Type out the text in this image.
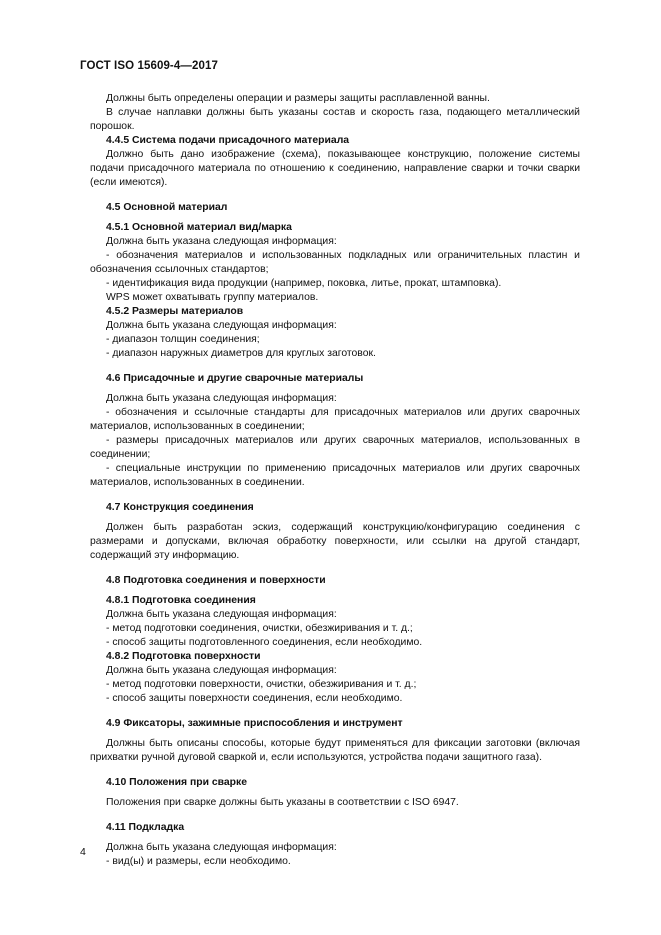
ГОСТ ISO 15609-4—2017

Должны быть определены операции и размеры защиты расплавленной ванны.

В случае наплавки должны быть указаны состав и скорость газа, подающего металлический порошок.

4.4.5 Система подачи присадочного материала

Должно быть дано изображение (схема), показывающее конструкцию, положение системы подачи присадочного материала по отношению к соединению, направление сварки и точки сварки (если имеются).

4.5 Основной материал

4.5.1 Основной материал вид/марка

Должна быть указана следующая информация:

- обозначения материалов и использованных подкладных или ограничительных пластин и обозначения ссылочных стандартов;

- идентификация вида продукции (например, поковка, литье, прокат, штамповка).

WPS может охватывать группу материалов.

4.5.2 Размеры материалов

Должна быть указана следующая информация:

- диапазон толщин соединения;

- диапазон наружных диаметров для круглых заготовок.

4.6 Присадочные и другие сварочные материалы

Должна быть указана следующая информация:

- обозначения и ссылочные стандарты для присадочных материалов или других сварочных материалов, использованных в соединении;

- размеры присадочных материалов или других сварочных материалов, использованных в соединении;

- специальные инструкции по применению присадочных материалов или других сварочных материалов, использованных в соединении.

4.7 Конструкция соединения

Должен быть разработан эскиз, содержащий конструкцию/конфигурацию соединения с размерами и допусками, включая обработку поверхности, или ссылки на другой стандарт, содержащий эту информацию.

4.8 Подготовка соединения и поверхности

4.8.1 Подготовка соединения

Должна быть указана следующая информация:

- метод подготовки соединения, очистки, обезжиривания и т. д.;

- способ защиты подготовленного соединения, если необходимо.

4.8.2 Подготовка поверхности

Должна быть указана следующая информация:

- метод подготовки поверхности, очистки, обезжиривания и т. д.;

- способ защиты поверхности соединения, если необходимо.

4.9 Фиксаторы, зажимные приспособления и инструмент

Должны быть описаны способы, которые будут применяться для фиксации заготовки (включая прихватки ручной дуговой сваркой и, если используются, устройства подачи защитного газа).

4.10 Положения при сварке

Положения при сварке должны быть указаны в соответствии с ISO 6947.

4.11 Подкладка

Должна быть указана следующая информация:

- вид(ы) и размеры, если необходимо.

4
